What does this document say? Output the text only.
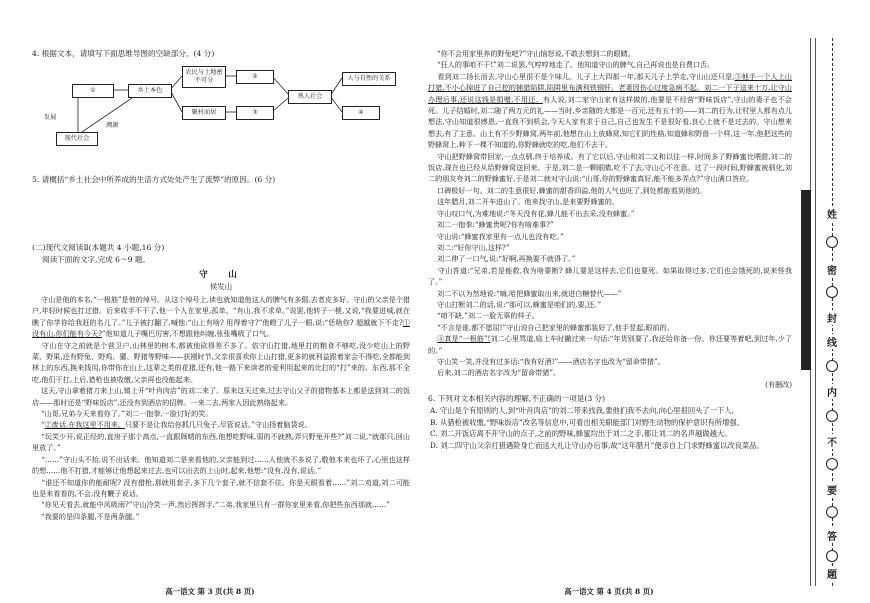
4. 根据文本，请填写下面思维导图的空缺部分。(4 分)

①	乡土本色
农民与土地密不可分
②
聚村而居	③
熟人社会
人与自然的关系
④
现代社会
发展
溯源

5. 请概括“乡土社会中所养成的生活方式处处产生了流弊”的原因。(6 分)

(二)现代文阅读Ⅱ(本题共 4 小题,16 分)

阅读下面的文字,完成 6～9 题。

守　山
侯发山

守山是他的本名,“一根筋”是他的绰号。从这个绰号上,读也就知道他这人的脾气有多倔,去者皮多好。守山的父亲是个猎户,年轻时候也打过猎。后来收手不干了,他一个人在家里,孤单。“有山,我不求草。”说罢,他转子一梗,又说,“我要进城,就在瞧了你学你给我赶的名儿了。”儿子被打翻了,喊他:“山上有啥? 用得着守?”他瞪了儿子一眼,说:“恁啥你? 超越就下不走?①没有山,你们能有今天?”他知道儿子嘴巴厉害,不想跟他纠缠,张张嘴吸了口气。

守山在守之前就是个营卫户,山林里的树木,都被他砍得差不多了。依守山打猎,地里打的粮食不够吃,没少吃山上的野菜、野果,还有野兔、野鸡、獾、野猪等野味——获刚时节,父亲很喜欢你上山打猎,更多的就利益跟着家会不得吃,全都能到林上的东西,换来钱用,你带你在山上,这辈之类的花猪,还有,他一路下来读者的爱利用起来的比打的“打”来的。东西,那不全吃,他们干打,上后,猎枪也被收缴,父亲再也没能起来。

这天,守山拿着猪刀来上山,镇上开“叶肖肉店”的刘二来了。原来这天过来,过去守山父子的猎物基本上都是送到刘二的饭店——那时还是“野味饭店”,还没有到酒店的招牌。一来二去,两家人因此熟络起来。

“山哥,兄弟今天来看你了。”刘二一抱拳,一脸讨好的笑。

“②废话,在我这里不用来。只要不是让我给你抓几只兔子,尽管说话。”守山扬着脑袋说。

“玩笑少开,说正经的,直房子那个高点,一直跟顾晴的东西,他想吃野味,弱的不就熟,弄只野兔开些?”刘二说,“就那只,回山里放了。”

“……”守山头不抬,说不出话来。他知道刘二是来看他的,父亲能到过……人他就不多说了,敬他本来也坏了,心里也这样的想……他不打猎,才能够让他想起来过去,也可以出去的上山时,起来,他想:“没有,没有,说话。”

“谁还不知道你的能耐呢? 没有猎枪,那就用套子,多下几个套子,就不信套不住。你是天眼看着……”刘二劝道,刘二可能也是来看看的,不会,没有鞭子说话。

“你见天看去,就能中风吸雨?”守山冷笑一声,然后挥挥手,“二弟,我家里只有一群你家里来看,你把些东西那就……”

“我要的是四条腿,不是两条腿。”

高一语文 第 3 页(共 8 页)

“你不会用家里养的野兔吧?”守山恼怒说,不敢去想到二的眼睛。

“狂人的事咱不干!”刘二说罢,气哼哼地走了。他知道守山的脾气,自己再说也是自费口舌。

看到刘二扬长而去,守山心里很不是个味儿。儿子上大四那一年,那天儿子上学走,守山山还只是,③他手一个人上山打猎,不小心掉进了自己挖的捕猎陷阱,陷阱里布满利铁钢钎。老妻因伤心过度急病不起。刘二一下子送来十万,让守山办理后事,还说这钱是捐赠,不用还。有人说,刘二家守山家有这样做的,他要是不经营“野味饭店”,守山的妻子也不会死。儿子结婚时,刘二随了两万元的礼——当时,乡亲随的大都是一百元,还有五十的——刘二的行为,让村里人都有点儿想法,守山知道很感恩,一直我不到机会,今天人家有求于自己,自己也发生不是很好看,良心上就不是过去的。守山想来想去,有了主意。山上有不少野蜂窝,两年前,他想在山上放蜂窝,知它们的性格,知道蜂和野兽一个样,这一年,他把这些的野蜂窝上,种下一棵不知道的,你野蜂就吃的吃,他们不去干。

守山把野蜂窝带回家,一点点驯,终于培养成。有了它以后,守山和刘二又和以往一样,时间多了野蜂蜜比喂甜,刘二的饭店,现在也已经从给野蜂窝送回来。于是,刘二是一颗眼睛,吃不了去,守山心不在意。过了一段时间,野蜂蜜被驯化,刘二的朋友夸刘二的野蜂蜜好,于是刘二就对守山说:“山哥,你的野蜂蜜真好,能不能多弄点?”守山满口答应。

口碑极好一句。刘二的生意很好,蜂蜜的甜香四溢,他的人气也旺了,到处都能看到他的。

这年腊月,刘二开车进山了。他来找守山,是来要野蜂蜜的。

守山叹口气,为难地说:“冬天没有花,蜂儿能不出去采,没有蜂蜜。”

刘二一抱拳:“蜂蜜贵呢?你有啥难事?”

守山说:“蜂蜜我家里有一点儿也没有吃。”

刘二:“好你守山,这样?”

刘二伸了一口气,说:“好啊,再换要不就得了。”

守山答道:“兄弟,若是能救,我为啥要断? 蜂儿要是这样去,它们也要死。如果取得过多,它们也会饿死的,说来怪我了。”

刘二不以为然地说:“嗨,哈把蜂蜜取出来,就进白糖替代——”

守山打断刘二的话,说:“那可以,蜂蜜是咱们的,要,还。”

“咱不缺,”刘二一脸无辜的样子。

“不言是谁,都不愿屈!”守山说自己把家里的蜂蜜都装好了,他手竖起,眼前的。

④真是“一根筋”!刘二心里骂道,临上车时撇过来一句话:“年货别要了,我还给你备一份。你还要等着吧,到过年,少了的。”

守山笑一笑,并没有过多话:“我有好酒!”——酒店名字也改为“留命带猪”。

后来,刘二的酒店名字改为“留命带猪”。

(有删改)

6. 下列对文本相关内容的理解,不正确的一项是(3 分)

A. 守山是个有原则的人,到“叶肖肉店”的刘二带来找我,要他们我不去向,向心里很回头了一下人,

B. 从猎枪被收缴,“野味饭店”改名等信息中,可看出相关职能部门对野生动物的保护意识有所增强。

C. 刘二开饭店离不开守山的点子,之前的野味,蜂蜜均出于刘二之手,都让刘二的名声越做越大。

D. 刘二四守山父亲打猎遇险身亡而送大礼让守山办后事,故“这年腊月”便亲自上门求野蜂蜜以改良菜品。

高一语文 第 4 页(共 8 页)
姓
密
封
线
内
不
要
答
题
